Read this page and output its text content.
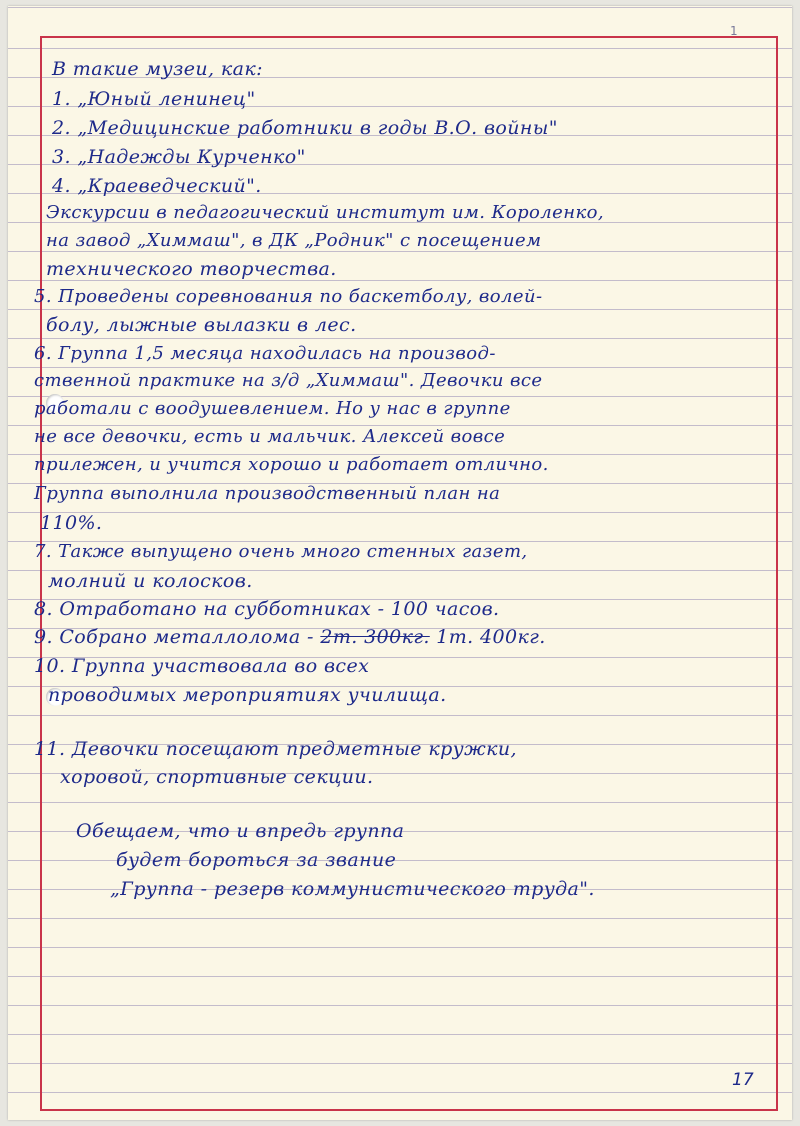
1

В такие музеи, как:

1. „Юный ленинец"

2. „Медицинские работники в годы В.О. войны"

3. „Надежды Курченко"

4. „Краеведческий".

Экскурсии в педагогический институт им. Короленко,

на завод „Химмаш", в ДК „Родник" с посещением

технического творчества.

5. Проведены соревнования по баскетболу, волей-

болу, лыжные вылазки в лес.

6. Группа 1,5 месяца находилась на производ-

ственной практике на з/д „Химмаш". Девочки все

работали с воодушевлением. Но у нас в группе

не все девочки, есть и мальчик. Алексей вовсе

прилежен, и учится хорошо и работает отлично.

Группа выполнила производственный план на

110%.

7. Также выпущено очень много стенных газет,

молний и колосков.

8. Отработано на субботниках - 100 часов.

9. Собрано металлолома - 2т. 300кг. 1т. 400кг.

10. Группа участвовала во всех

проводимых мероприятиях училища.

11. Девочки посещают предметные кружки,

хоровой, спортивные секции.

Обещаем, что и впредь группа

будет бороться за звание

„Группа - резерв коммунистического труда".

17
